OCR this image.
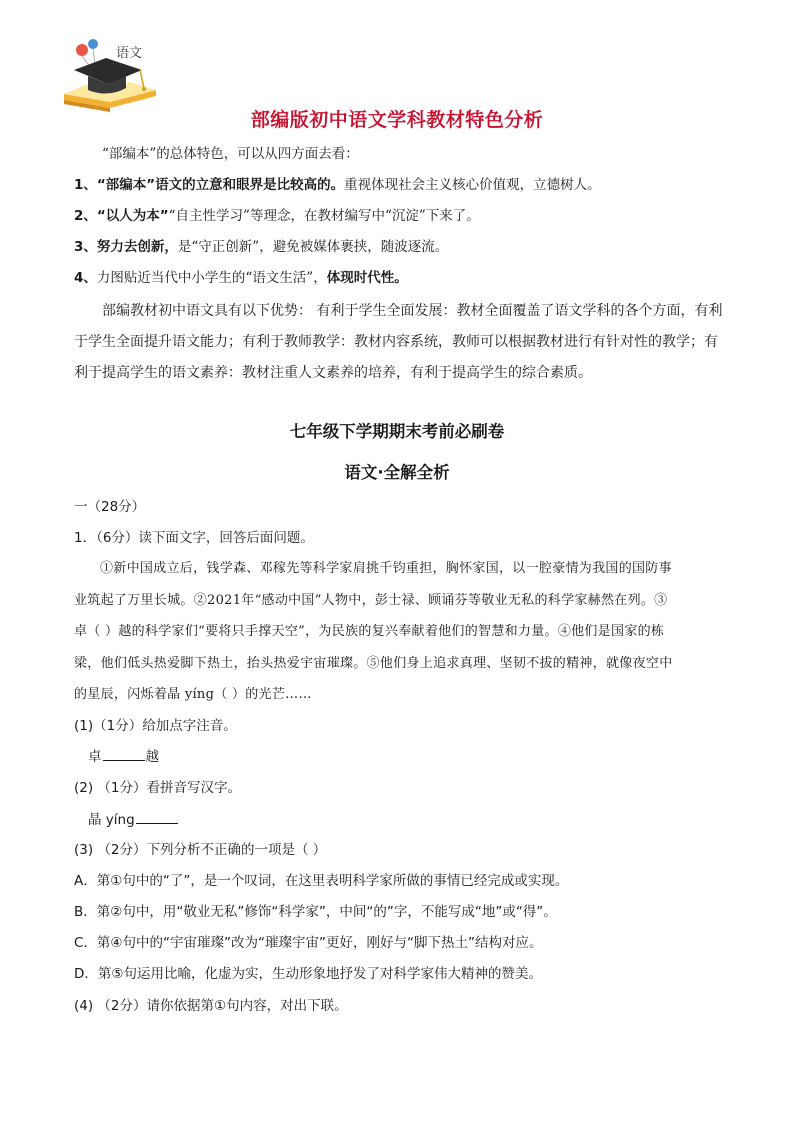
语文
部编版初中语文学科教材特色分析
“部编本”的总体特色，可以从四方面去看：
1、“部编本”语文的立意和眼界是比较高的。重视体现社会主义核心价值观，立德树人。
2、“以人为本”“自主性学习”等理念，在教材编写中“沉淀”下来了。
3、努力去创新，是“守正创新”，避免被媒体裹挟，随波逐流。
4、力图贴近当代中小学生的“语文生活”，体现时代性。
部编教材初中语文具有以下优势： 有利于学生全面发展：教材全面覆盖了语文学科的各个方面，有利于学生全面提升语文能力；有利于教师教学：教材内容系统，教师可以根据教材进行有针对性的教学；有利于提高学生的语文素养：教材注重人文素养的培养，有利于提高学生的综合素质。
七年级下学期期末考前必刷卷
语文·全解全析
一（28分）
1．（6分）读下面文字，回答后面问题。
①新中国成立后，钱学森、邓稼先等科学家肩挑千钧重担，胸怀家国，以一腔豪情为我国的国防事业筑起了万里长城。②2021年“感动中国”人物中，彭士禄、顾诵芬等敬业无私的科学家赫然在列。③卓（ ）越的科学家们“要将只手撑天空”，为民族的复兴奉献着他们的智慧和力量。④他们是国家的栋梁，他们低头热爱脚下热土，抬头热爱宇宙璀璨。⑤他们身上追求真理、坚韧不拔的精神，就像夜空中的星辰，闪烁着晶 yíng（ ）的光芒……
(1)（1分）给加点字注音。
卓	越
(2) （1分）看拼音写汉字。
晶 yíng
(3) （2分）下列分析不正确的一项是（ ）
A．第①句中的“了”，是一个叹词，在这里表明科学家所做的事情已经完成或实现。
B．第②句中，用“敬业无私”修饰“科学家”，中间“的”字，不能写成“地”或“得”。
C．第④句中的“宇宙璀璨”改为“璀璨宇宙”更好，刚好与“脚下热土”结构对应。
D．第⑤句运用比喻，化虚为实，生动形象地抒发了对科学家伟大精神的赞美。
(4) （2分）请你依据第①句内容，对出下联。
